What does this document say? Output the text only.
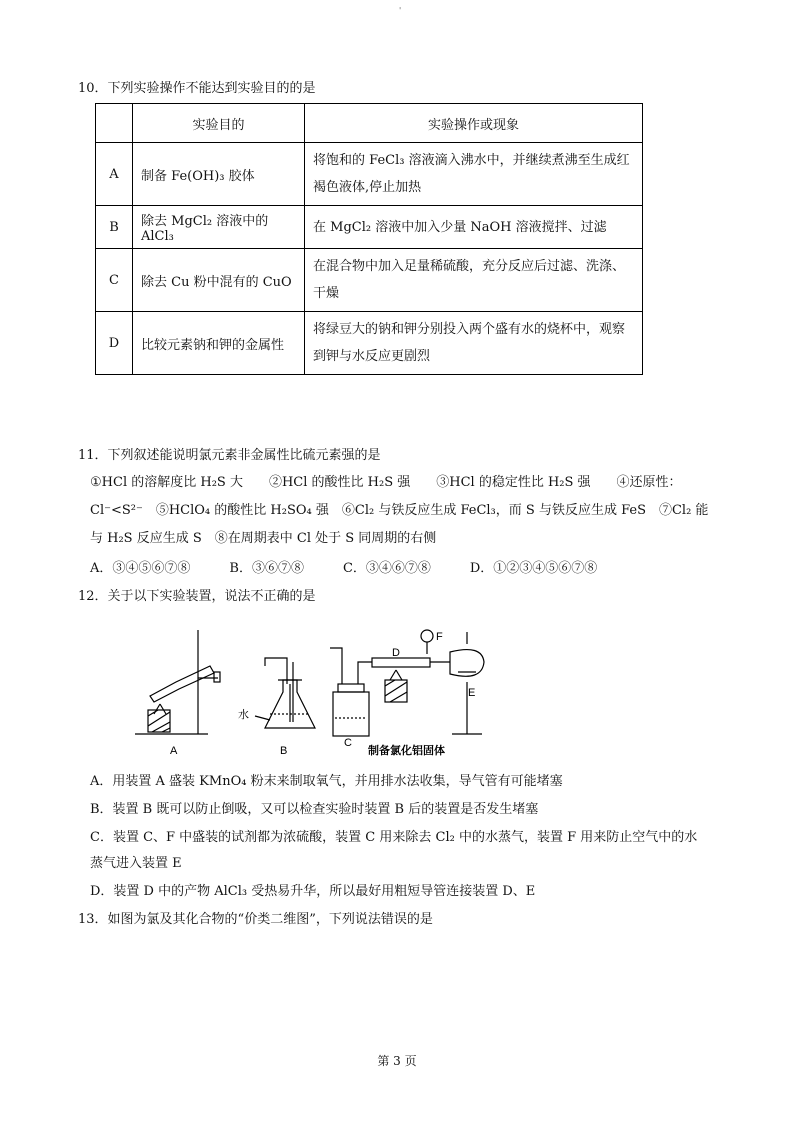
'
10．下列实验操作不能达到实验目的的是
	实验目的	实验操作或现象
A	制备 Fe(OH)₃ 胶体	将饱和的 FeCl₃ 溶液滴入沸水中，并继续煮沸至生成红褐色液体,停止加热
B	除去 MgCl₂ 溶液中的 AlCl₃	在 MgCl₂ 溶液中加入少量 NaOH 溶液搅拌、过滤
C	除去 Cu 粉中混有的 CuO	在混合物中加入足量稀硫酸，充分反应后过滤、洗涤、干燥
D	比较元素钠和钾的金属性	将绿豆大的钠和钾分别投入两个盛有水的烧杯中，观察到钾与水反应更剧烈
11．下列叙述能说明氯元素非金属性比硫元素强的是
①HCl 的溶解度比 H₂S 大　　②HCl 的酸性比 H₂S 强　　③HCl 的稳定性比 H₂S 强　　④还原性：
Cl⁻<S²⁻　⑤HClO₄ 的酸性比 H₂SO₄ 强　⑥Cl₂ 与铁反应生成 FeCl₃，而 S 与铁反应生成 FeS　⑦Cl₂ 能
与 H₂S 反应生成 S　⑧在周期表中 Cl 处于 S 同周期的右侧
A．③④⑤⑥⑦⑧　　　B．③⑥⑦⑧　　　C．③④⑥⑦⑧　　　D．①②③④⑤⑥⑦⑧
12．关于以下实验装置，说法不正确的是
A	B
C
D
E
F
水
制备氯化铝固体
A．用装置 A 盛装 KMnO₄ 粉末来制取氧气，并用排水法收集，导气管有可能堵塞
B．装置 B 既可以防止倒吸，又可以检查实验时装置 B 后的装置是否发生堵塞
C．装置 C、F 中盛装的试剂都为浓硫酸，装置 C 用来除去 Cl₂ 中的水蒸气，装置 F 用来防止空气中的水
蒸气进入装置 E
D．装置 D 中的产物 AlCl₃ 受热易升华，所以最好用粗短导管连接装置 D、E
13．如图为氯及其化合物的“价类二维图”，下列说法错误的是
第 3 页
